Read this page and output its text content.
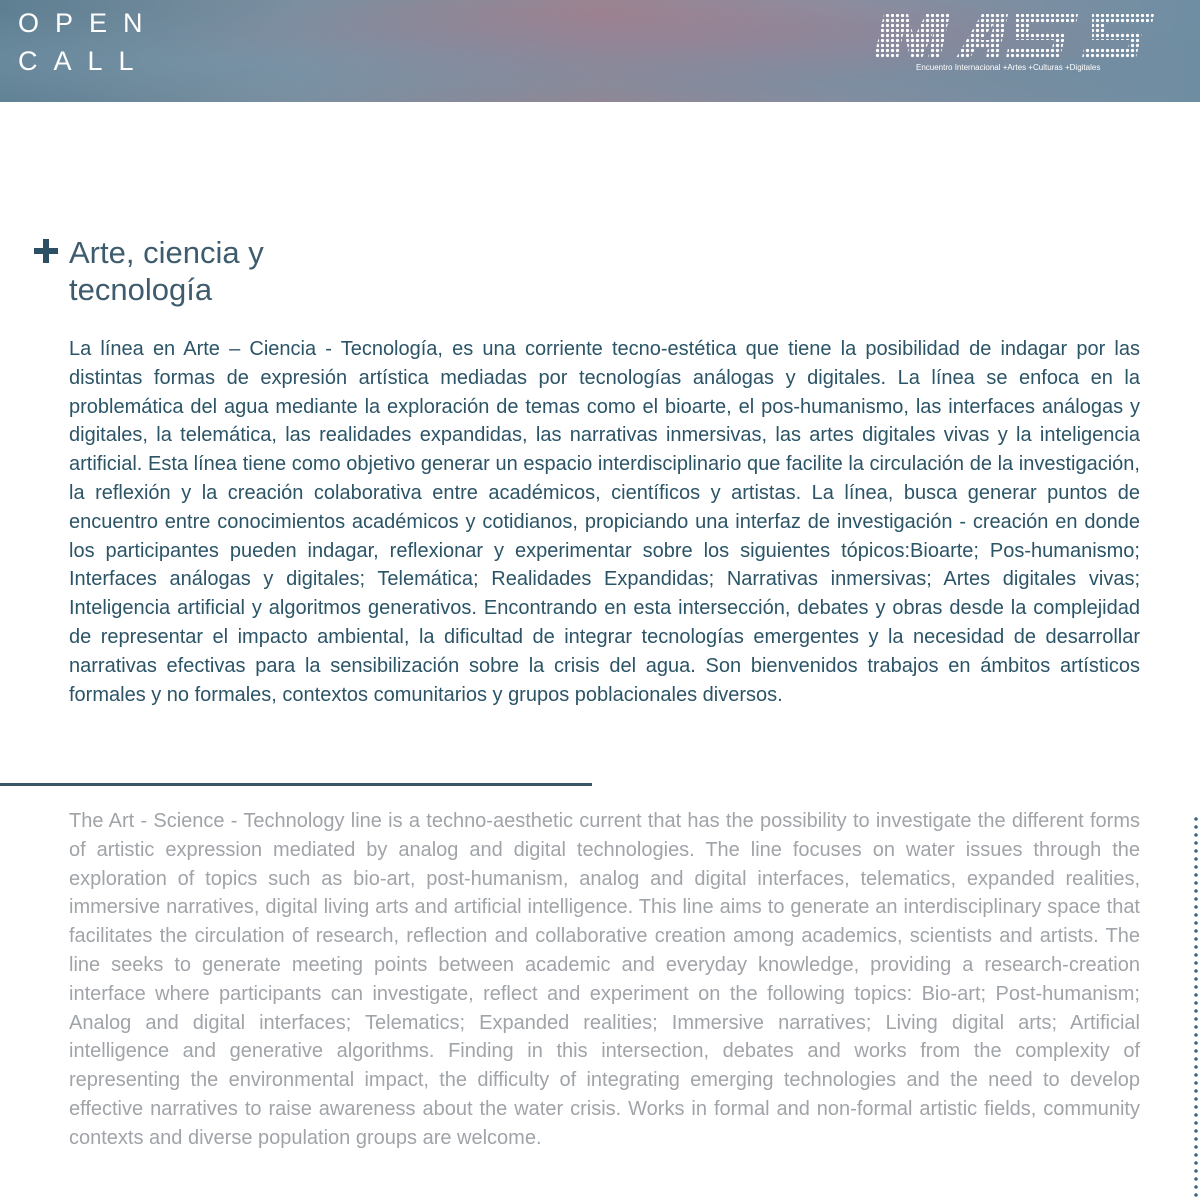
OPEN
CALL	Encuentro Internacional +Artes +Culturas +Digitales
Arte, ciencia y tecnología

La línea en Arte – Ciencia - Tecnología, es una corriente tecno-estética que tiene la posibilidad de indagar por las distintas formas de expresión artística mediadas por tecnologías análogas y digitales. La línea se enfoca en la problemática del agua mediante la exploración de temas como el bioarte, el pos-humanismo, las interfaces análogas y digitales, la telemática, las realidades expandidas, las narrativas inmersivas, las artes digitales vivas y la inteligencia artificial. Esta línea tiene como objetivo generar un espacio interdisciplinario que facilite la circulación de la investigación, la reflexión y la creación colaborativa entre académicos, científicos y artistas. La línea, busca generar puntos de encuentro entre conocimientos académicos y cotidianos, propiciando una interfaz de investigación - creación en donde los participantes pueden indagar, reflexionar y experimentar sobre los siguientes tópicos:Bioarte; Pos-humanismo; Interfaces análogas y digitales; Telemática; Realidades Expandidas; Narrativas inmersivas; Artes digitales vivas; Inteligencia artificial y algoritmos generativos. Encontrando en esta intersección, debates y obras desde la complejidad de representar el impacto ambiental, la dificultad de integrar tecnologías emergentes y la necesidad de desarrollar narrativas efectivas para la sensibilización sobre la crisis del agua. Son bienvenidos trabajos en ámbitos artísticos formales y no formales, contextos comunitarios y grupos poblacionales diversos.

The Art - Science - Technology line is a techno-aesthetic current that has the possibility to investigate the different forms of artistic expression mediated by analog and digital technologies. The line focuses on water issues through the exploration of topics such as bio-art, post-humanism, analog and digital interfaces, telematics, expanded realities, immersive narratives, digital living arts and artificial intelligence. This line aims to generate an interdisciplinary space that facilitates the circulation of research, reflection and collaborative creation among academics, scientists and artists. The line seeks to generate meeting points between academic and everyday knowledge, providing a research-creation interface where participants can investigate, reflect and experiment on the following topics: Bio-art; Post-humanism; Analog and digital interfaces; Telematics; Expanded realities; Immersive narratives; Living digital arts; Artificial intelligence and generative algorithms. Finding in this intersection, debates and works from the complexity of representing the environmental impact, the difficulty of integrating emerging technologies and the need to develop effective narratives to raise awareness about the water crisis. Works in formal and non-formal artistic fields, community contexts and diverse population groups are welcome.
